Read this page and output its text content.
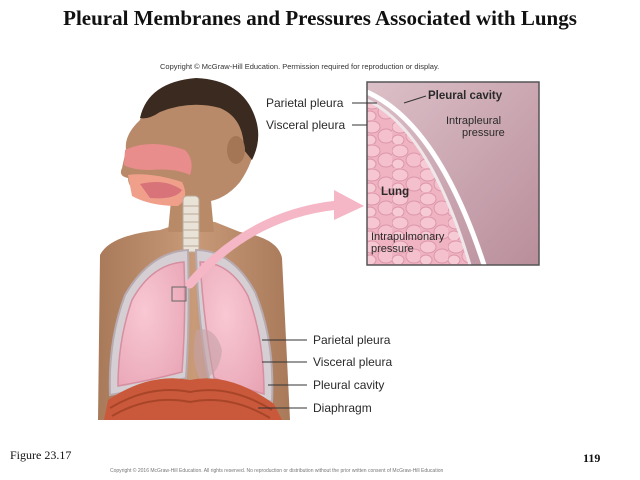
Pleural Membranes and Pressures Associated with Lungs
Copyright © McGraw-Hill Education. Permission required for reproduction or display.
Parietal pleura
Visceral pleura
Pleural cavity
Intrapleural
pressure
Lung
Intrapulmonary
pressure
Parietal pleura
Visceral pleura
Pleural cavity
Diaphragm
Figure 23.17	119
Copyright © 2016 McGraw-Hill Education. All rights reserved. No reproduction or distribution without the prior written consent of McGraw-Hill Education
